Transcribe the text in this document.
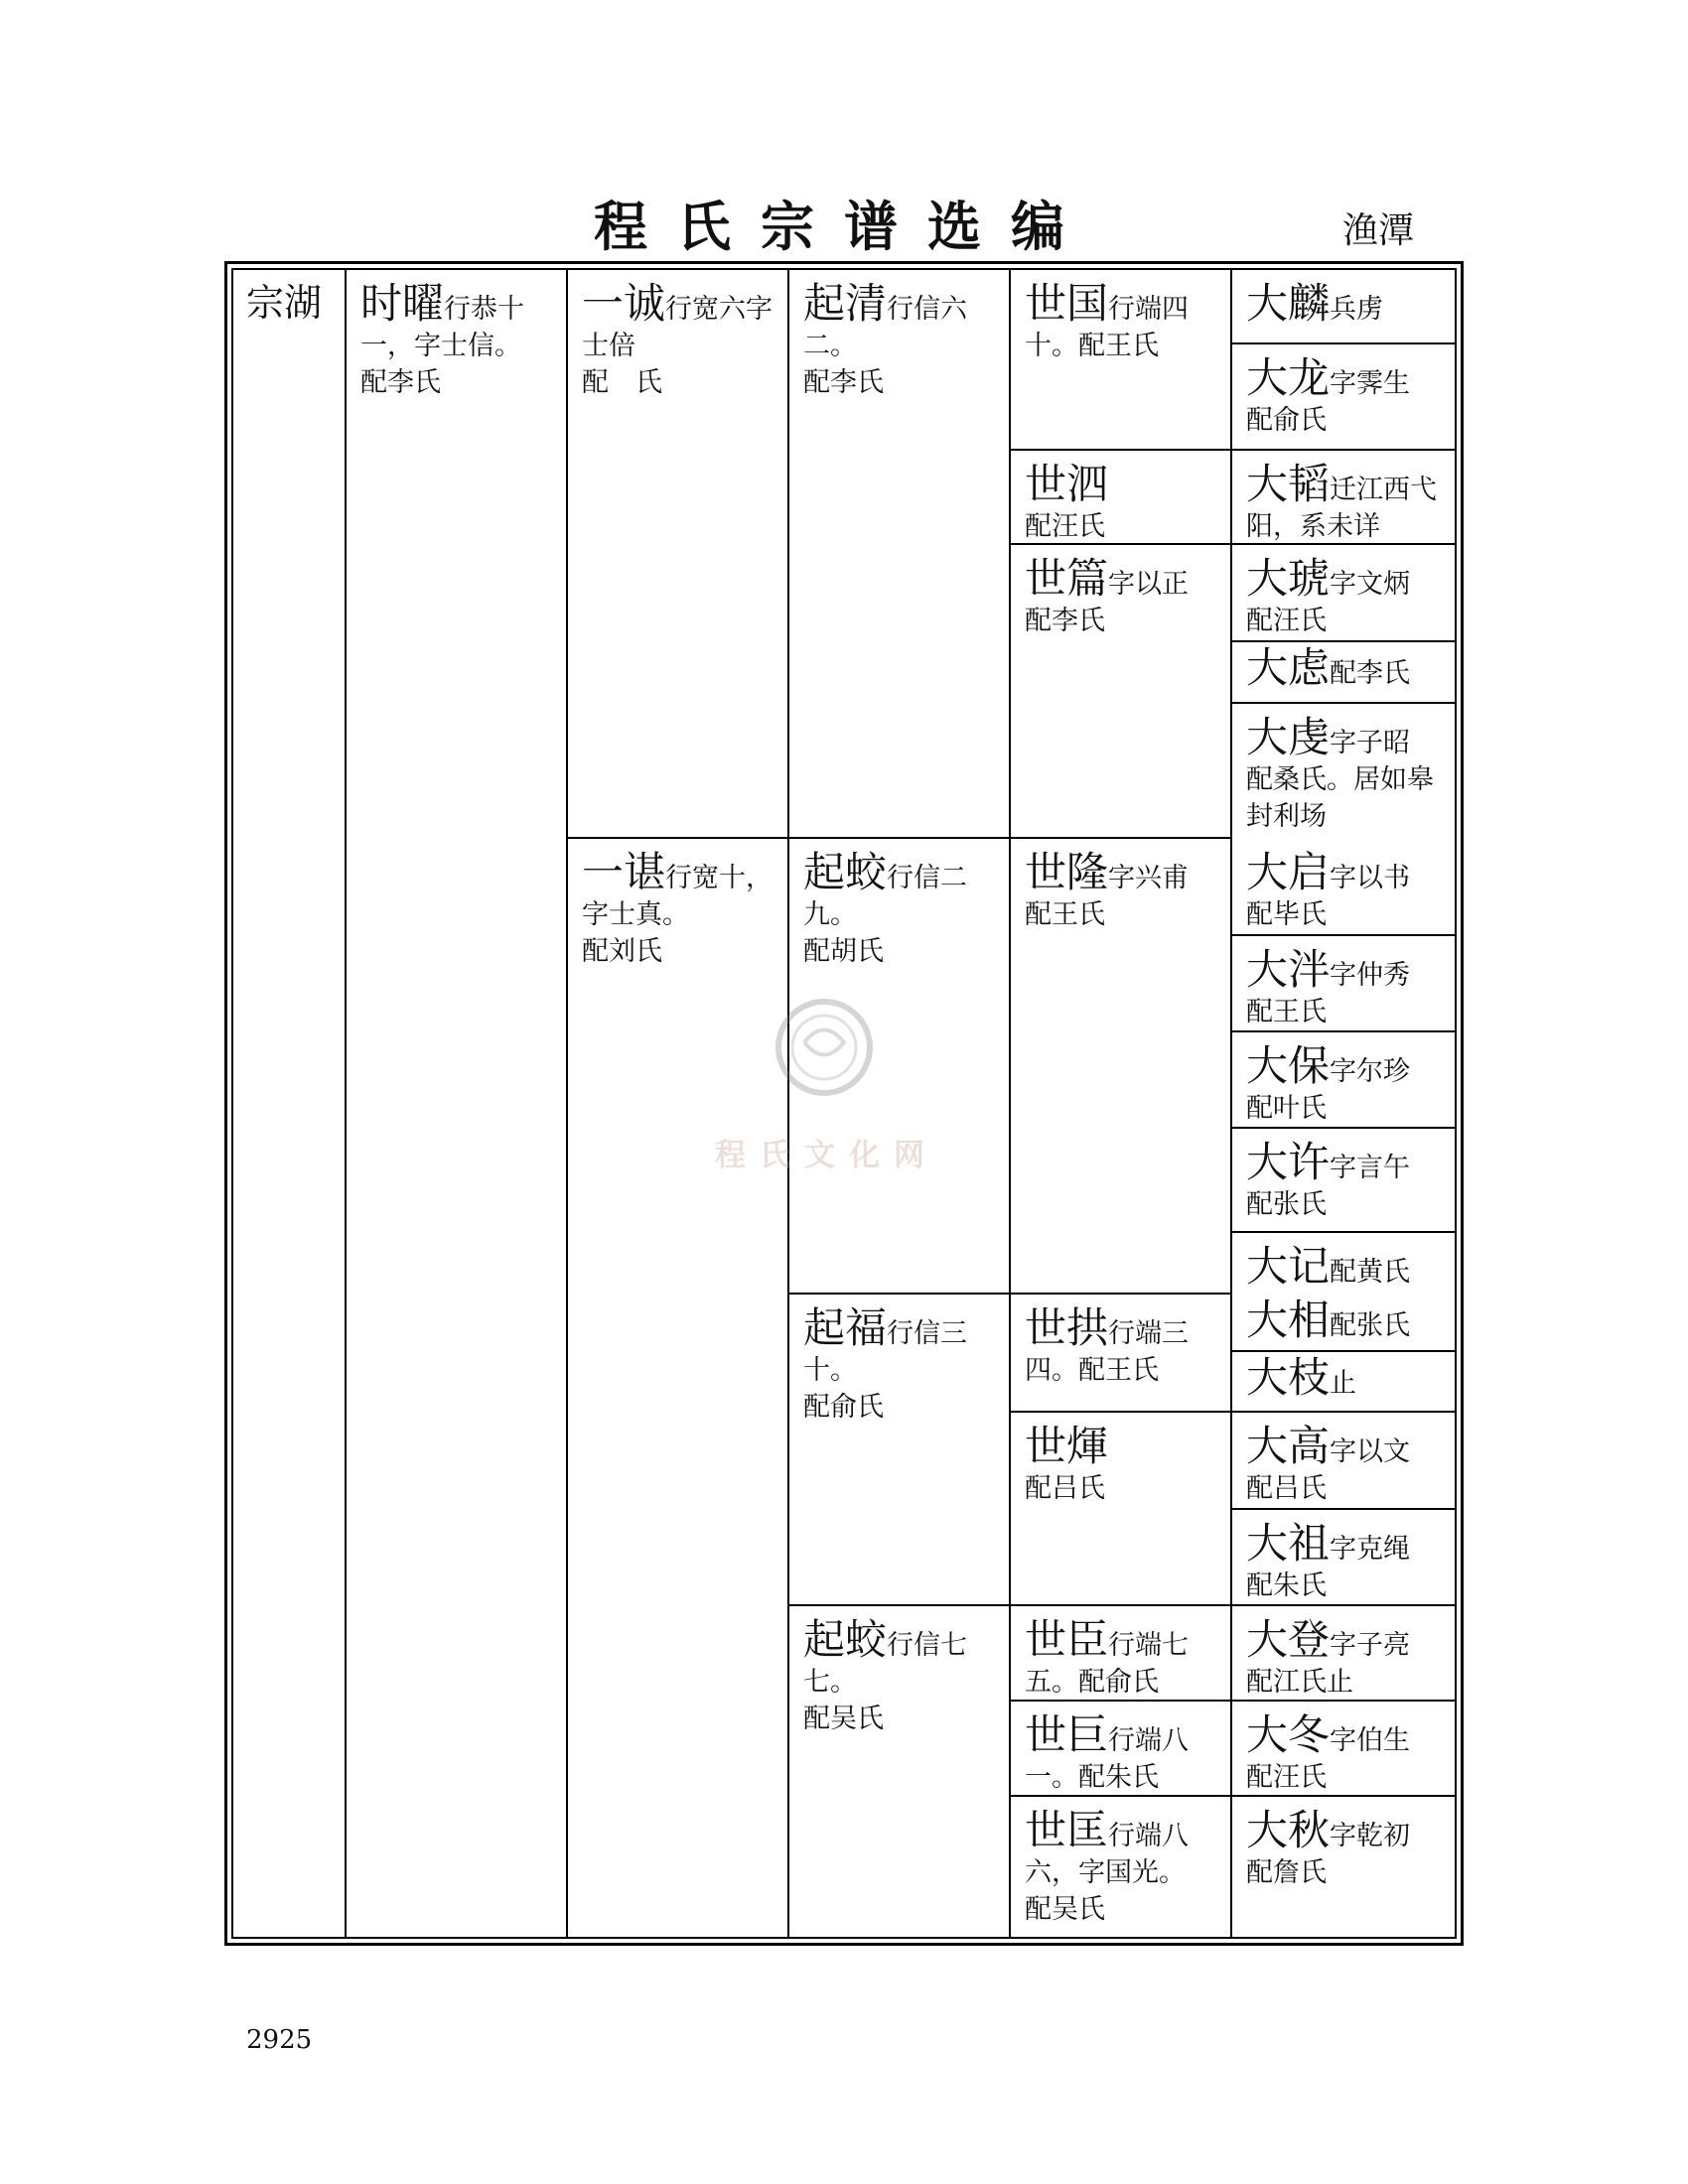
程氏宗谱选编	渔潭
宗湖 时曜行恭十一，字士信。
配李氏
一诚行宽六字士倍
配　氏
一谌行宽十，字士真。
配刘氏
起清行信六二。
配李氏
起蛟行信二九。
配胡氏
起福行信三十。
配俞氏
起蛟行信七七。
配吴氏
世国行端四十。配王氏
世泗
配汪氏
世篇字以正
配李氏
世隆字兴甫
配王氏
世拱行端三四。配王氏
世煇
配吕氏
世臣行端七五。配俞氏
世巨行端八一。配朱氏
世匡行端八六，字国光。
配吴氏
大麟兵虏
大龙字霁生
配俞氏
大韬迁江西弋阳，系未详
大琥字文炳
配汪氏
大虑配李氏
大虔字子昭
配桑氏。居如皋封利场
大启字以书
配毕氏
大泮字仲秀
配王氏
大保字尔珍
配叶氏
大许字言午
配张氏
大记配黄氏
大相配张氏
大枝止
大高字以文
配吕氏
大祖字克绳
配朱氏
大登字子亮
配江氏止
大冬字伯生
配汪氏
大秋字乾初
配詹氏
程氏文化网
2925
